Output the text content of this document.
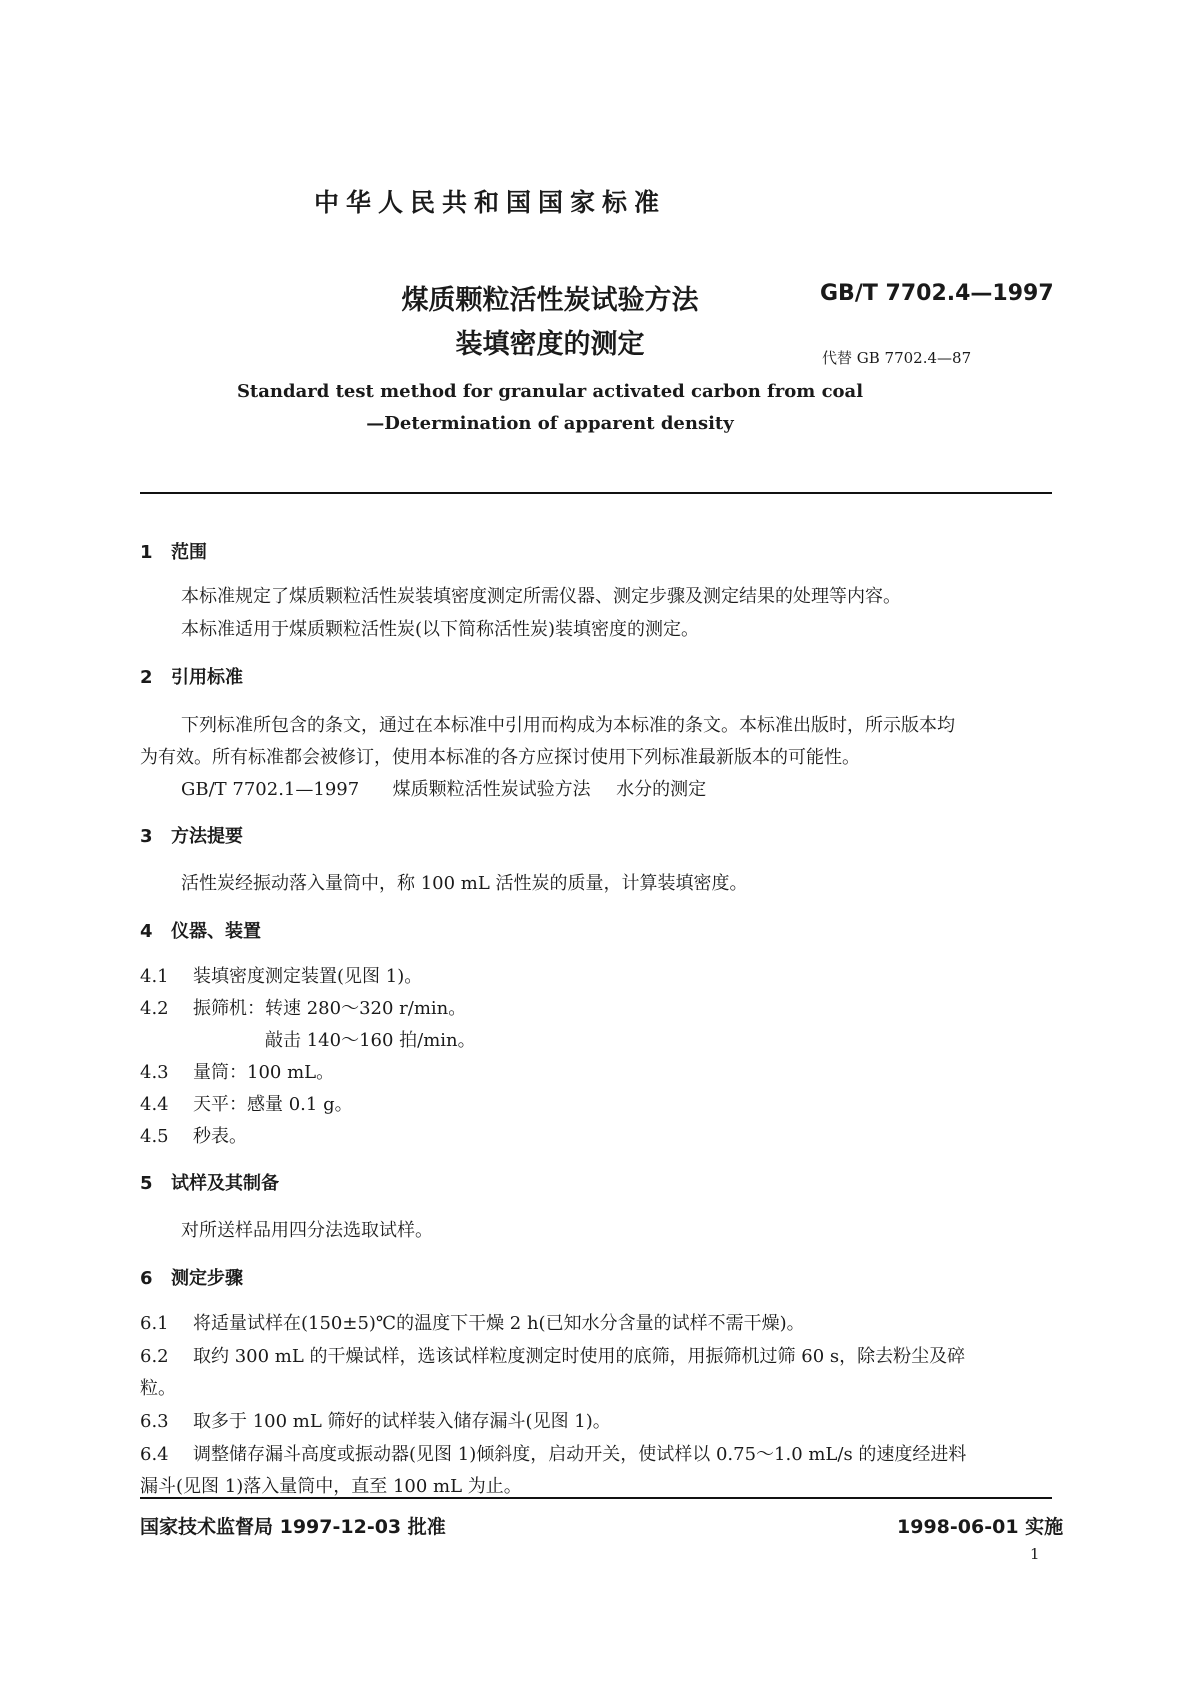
中华人民共和国国家标准
煤质颗粒活性炭试验方法
装填密度的测定
GB/T 7702.4—1997
代替 GB 7702.4—87
Standard test method for granular activated carbon from coal
—Determination of apparent density
1 范围
本标准规定了煤质颗粒活性炭装填密度测定所需仪器、测定步骤及测定结果的处理等内容。
本标准适用于煤质颗粒活性炭(以下简称活性炭)装填密度的测定。
2 引用标准
下列标准所包含的条文，通过在本标准中引用而构成为本标准的条文。本标准出版时，所示版本均
为有效。所有标准都会被修订，使用本标准的各方应探讨使用下列标准最新版本的可能性。
GB/T 7702.1—1997 煤质颗粒活性炭试验方法 水分的测定
3 方法提要
活性炭经振动落入量筒中，称 100 mL 活性炭的质量，计算装填密度。
4 仪器、装置
4.1 装填密度测定装置(见图 1)。
4.2 振筛机：转速 280～320 r/min。
敲击 140～160 拍/min。
4.3 量筒：100 mL。
4.4 天平：感量 0.1 g。
4.5 秒表。
5 试样及其制备
对所送样品用四分法选取试样。
6 测定步骤
6.1 将适量试样在(150±5)℃的温度下干燥 2 h(已知水分含量的试样不需干燥)。
6.2 取约 300 mL 的干燥试样，选该试样粒度测定时使用的底筛，用振筛机过筛 60 s，除去粉尘及碎
粒。
6.3 取多于 100 mL 筛好的试样装入储存漏斗(见图 1)。
6.4 调整储存漏斗高度或振动器(见图 1)倾斜度，启动开关，使试样以 0.75～1.0 mL/s 的速度经进料
漏斗(见图 1)落入量筒中，直至 100 mL 为止。
国家技术监督局 1997-12-03 批准	1998-06-01 实施
1
